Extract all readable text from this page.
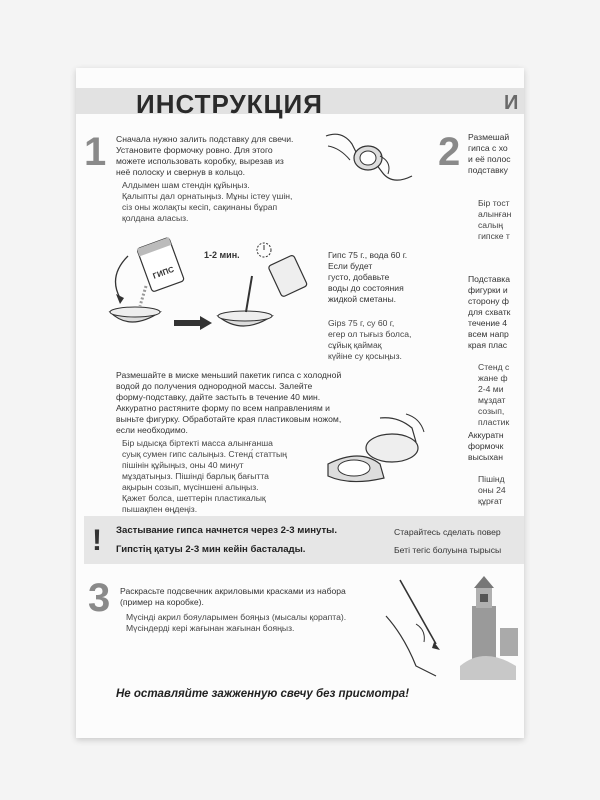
ИНСТРУКЦИЯ	И
1 Сначала нужно залить подставку для свечи.
Установите формочку ровно. Для этого
можете использовать коробку, вырезав из
неё полоску и свернув в кольцо.
Алдымен шам стендін құйыңыз.
Қалыпты дал орнатыңыз. Мұны істеу үшін,
сіз оны жолақты кесіп, сақинаны бұрап
қолдана аласыз.
2 Размешай
гипса с хо
и её полос
подставку
Бір тост
алынған
салың
гипске т
Подставка
фигурки и
сторону ф
для схватк
течение 4
всем напр
края плас
Стенд с
жане ф
2-4 ми
мұздат
созып,
пластик
Аккуратн
формочк
высыхан
Пішінд
оны 24
құрғат
ГИПС
1-2 мин.	Гипс 75 г., вода 60 г.
Если будет
густо, добавьте
воды до состояния
жидкой сметаны.
Gips 75 г, су 60 г,
егер ол тығыз болса,
сұйық қаймақ
күйіне су қосыңыз.
Размешайте в миске меньший пакетик гипса с холодной
водой до получения однородной массы. Залейте
форму-подставку, дайте застыть в течение 40 мин.
Аккуратно растяните форму по всем направлениям и
выньте фигурку. Обработайте края пластиковым ножом,
если необходимо.
Бір ыдысқа біртекті масса алынғанша
суық сумен гипс салыңыз. Стенд́ статтың
пішінін құйыңыз, оны 40 минут
мұздатыңыз. Пішінді барлық бағытта
ақырын созып, мүсіншені алыңыз.
Қажет болса, шеттерін пластикалық
пышақпен өңдеңіз.
! Застывание гипса начнется через 2-3 минуты.
Гипстің қатуы 2-3 мин кейін басталады.
Старайтесь сделать повер
Беті тегіс болуына тырысы
3 Раскрасьте подсвечник акриловыми красками из набора
(пример на коробке).
Мүсінді акрил бояуларымен бояңыз (мысалы қорапта).
Мүсіндерді кері жағынан жағынан бояңыз.
Не оставляйте зажженную свечу без присмотра!
